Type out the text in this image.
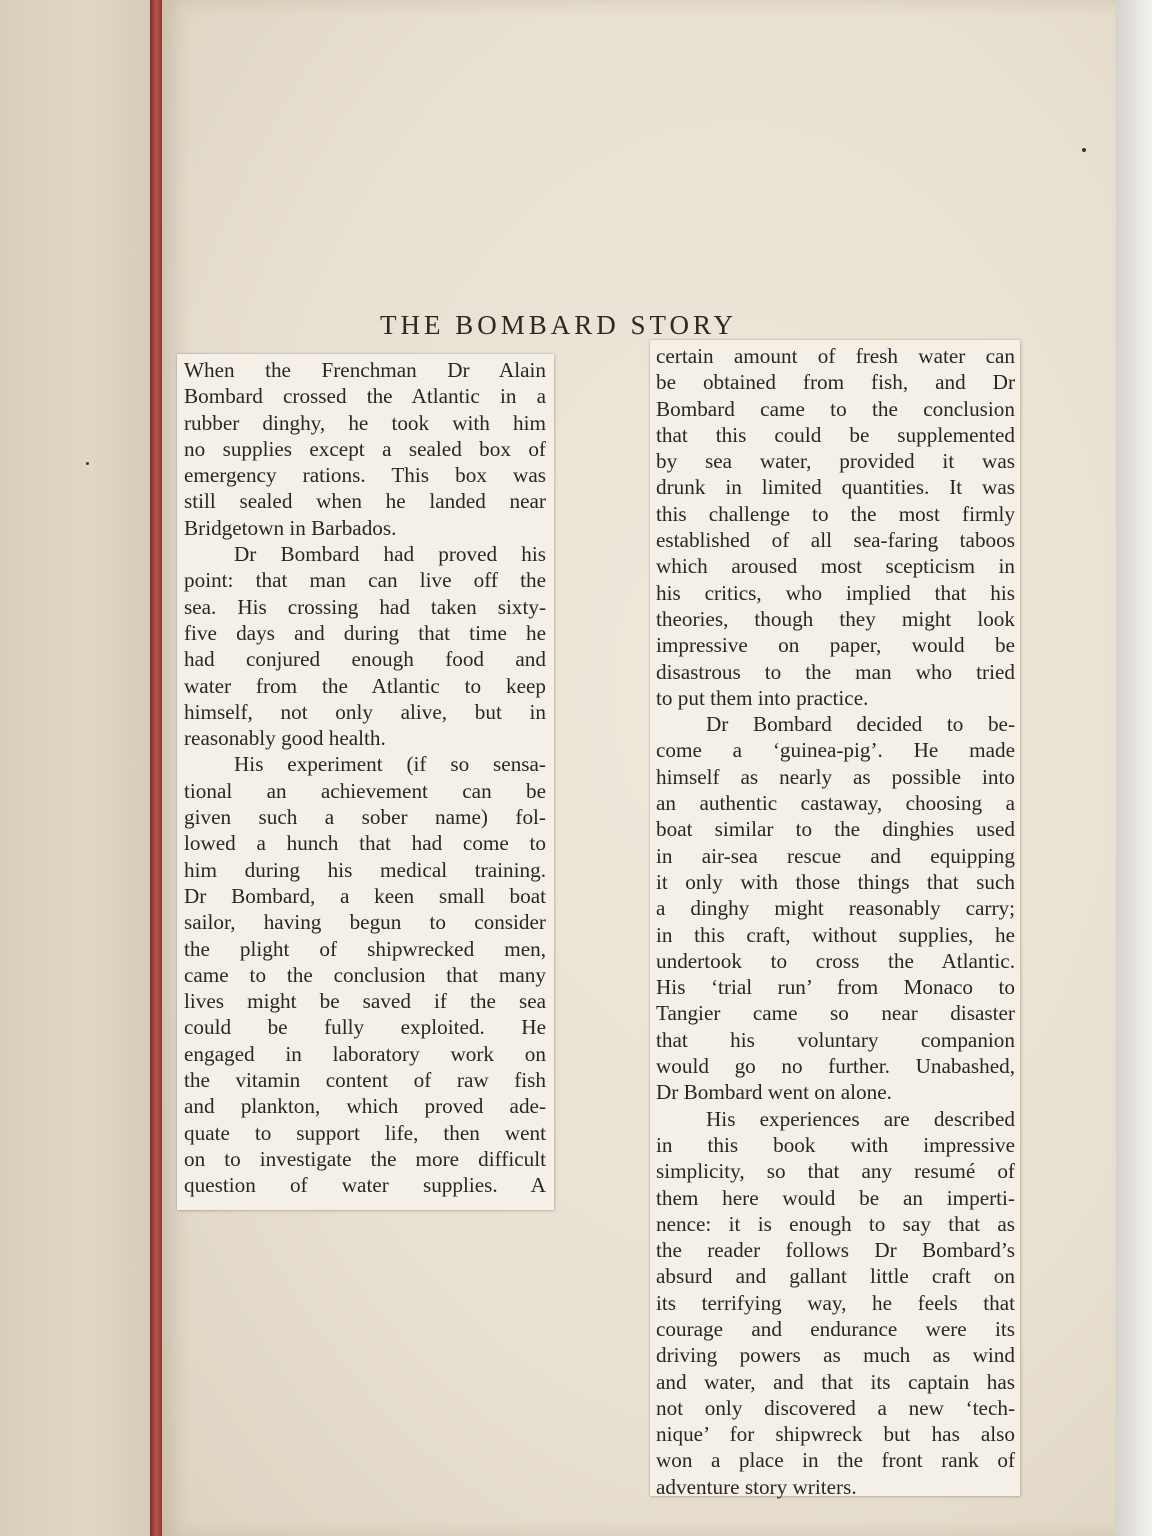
THE BOMBARD STORY
When the Frenchman Dr Alain
Bombard crossed the Atlantic in a
rubber dinghy, he took with him
no supplies except a sealed box of
emergency rations. This box was
still sealed when he landed near
Bridgetown in Barbados.
Dr Bombard had proved his
point: that man can live off the
sea. His crossing had taken sixty-
five days and during that time he
had conjured enough food and
water from the Atlantic to keep
himself, not only alive, but in
reasonably good health.
His experiment (if so sensa-
tional an achievement can be
given such a sober name) fol-
lowed a hunch that had come to
him during his medical training.
Dr Bombard, a keen small boat
sailor, having begun to consider
the plight of shipwrecked men,
came to the conclusion that many
lives might be saved if the sea
could be fully exploited. He
engaged in laboratory work on
the vitamin content of raw fish
and plankton, which proved ade-
quate to support life, then went
on to investigate the more difficult
question of water supplies. A
certain amount of fresh water can
be obtained from fish, and Dr
Bombard came to the conclusion
that this could be supplemented
by sea water, provided it was
drunk in limited quantities. It was
this challenge to the most firmly
established of all sea-faring taboos
which aroused most scepticism in
his critics, who implied that his
theories, though they might look
impressive on paper, would be
disastrous to the man who tried
to put them into practice.
Dr Bombard decided to be-
come a ‘guinea-pig’. He made
himself as nearly as possible into
an authentic castaway, choosing a
boat similar to the dinghies used
in air-sea rescue and equipping
it only with those things that such
a dinghy might reasonably carry;
in this craft, without supplies, he
undertook to cross the Atlantic.
His ‘trial run’ from Monaco to
Tangier came so near disaster
that his voluntary companion
would go no further. Unabashed,
Dr Bombard went on alone.
His experiences are described
in this book with impressive
simplicity, so that any resumé of
them here would be an imperti-
nence: it is enough to say that as
the reader follows Dr Bombard’s
absurd and gallant little craft on
its terrifying way, he feels that
courage and endurance were its
driving powers as much as wind
and water, and that its captain has
not only discovered a new ‘tech-
nique’ for shipwreck but has also
won a place in the front rank of
adventure story writers.
